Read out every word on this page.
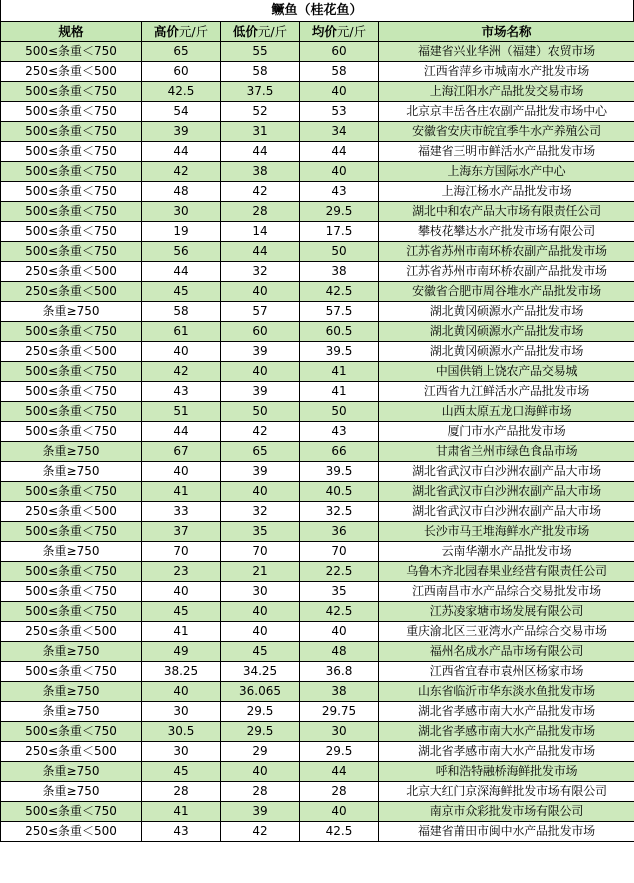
鳜鱼（桂花鱼）
规格	高价元/斤	低价元/斤	均价元/斤	市场名称
500≤条重＜750	65	55	60	福建省兴业华洲（福建）农贸市场
250≤条重＜500	60	58	58	江西省萍乡市城南水产批发市场
500≤条重＜750	42.5	37.5	40	上海江阳水产品批发交易市场
500≤条重＜750	54	52	53	北京京丰岳各庄农副产品批发市场中心
500≤条重＜750	39	31	34	安徽省安庆市皖宜季牛水产养殖公司
500≤条重＜750	44	44	44	福建省三明市鲜活水产品批发市场
500≤条重＜750	42	38	40	上海东方国际水产中心
500≤条重＜750	48	42	43	上海江杨水产品批发市场
500≤条重＜750	30	28	29.5	湖北中和农产品大市场有限责任公司
500≤条重＜750	19	14	17.5	攀枝花攀达水产批发市场有限公司
500≤条重＜750	56	44	50	江苏省苏州市南环桥农副产品批发市场
250≤条重＜500	44	32	38	江苏省苏州市南环桥农副产品批发市场
250≤条重＜500	45	40	42.5	安徽省合肥市周谷堆水产品批发市场
条重≥750	58	57	57.5	湖北黄冈硕源水产品批发市场
500≤条重＜750	61	60	60.5	湖北黄冈硕源水产品批发市场
250≤条重＜500	40	39	39.5	湖北黄冈硕源水产品批发市场
500≤条重＜750	42	40	41	中国供销上饶农产品交易城
500≤条重＜750	43	39	41	江西省九江鲜活水产品批发市场
500≤条重＜750	51	50	50	山西太原五龙口海鲜市场
500≤条重＜750	44	42	43	厦门市水产品批发市场
条重≥750	67	65	66	甘肃省兰州市绿色食品市场
条重≥750	40	39	39.5	湖北省武汉市白沙洲农副产品大市场
500≤条重＜750	41	40	40.5	湖北省武汉市白沙洲农副产品大市场
250≤条重＜500	33	32	32.5	湖北省武汉市白沙洲农副产品大市场
500≤条重＜750	37	35	36	长沙市马王堆海鲜水产批发市场
条重≥750	70	70	70	云南华潮水产品批发市场
500≤条重＜750	23	21	22.5	乌鲁木齐北园春果业经营有限责任公司
500≤条重＜750	40	30	35	江西南昌市水产品综合交易批发市场
500≤条重＜750	45	40	42.5	江苏凌家塘市场发展有限公司
250≤条重＜500	41	40	40	重庆渝北区三亚湾水产品综合交易市场
条重≥750	49	45	48	福州名成水产品市场有限公司
500≤条重＜750	38.25	34.25	36.8	江西省宜春市袁州区杨家市场
条重≥750	40	36.065	38	山东省临沂市华东淡水鱼批发市场
条重≥750	30	29.5	29.75	湖北省孝感市南大水产品批发市场
500≤条重＜750	30.5	29.5	30	湖北省孝感市南大水产品批发市场
250≤条重＜500	30	29	29.5	湖北省孝感市南大水产品批发市场
条重≥750	45	40	44	呼和浩特融桥海鲜批发市场
条重≥750	28	28	28	北京大红门京深海鲜批发市场有限公司
500≤条重＜750	41	39	40	南京市众彩批发市场有限公司
250≤条重＜500	43	42	42.5	福建省莆田市闽中水产品批发市场
